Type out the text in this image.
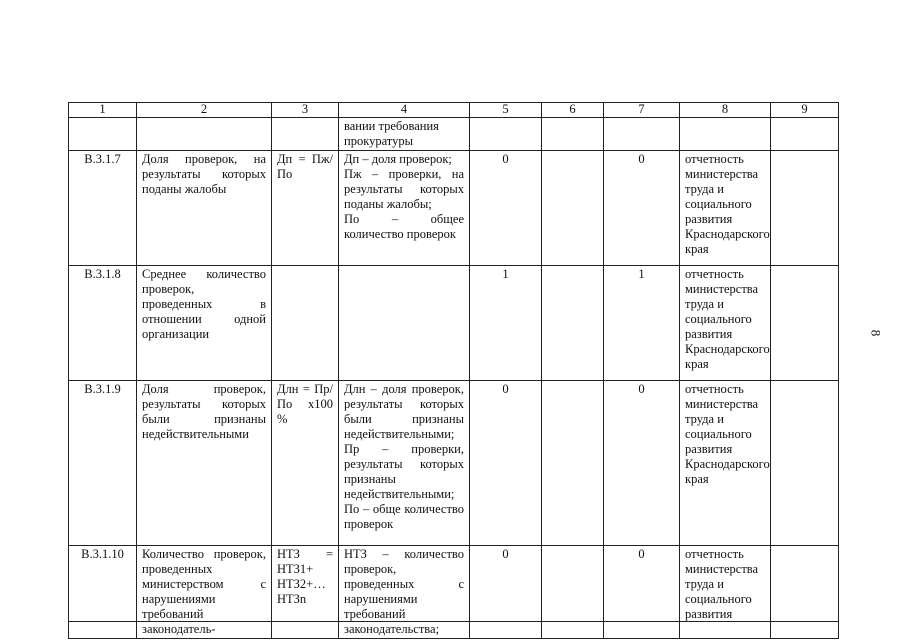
1	2	3	4	5	6	7	8	9
			вании требования
прокуратуры					
В.3.1.7	Доля проверок, на результаты которых поданы жалобы	Дп = Пж/По	Дп – доля проверок;
Пж – проверки, на результаты которых поданы жалобы;
По – общее количество проверок	0		0	отчетность министерства труда и социального развития Краснодарского края	
В.3.1.8	Среднее количество проверок, проведенных в отношении одной организации			1		1	отчетность министерства труда и социального развития Краснодарского края	
В.3.1.9	Доля проверок, результаты которых были признаны недействительными	Длн = Пр/По х100 %	Длн – доля проверок, результаты которых были признаны недействительными;
Пр – проверки, результаты которых признаны недействительными;
По – обще количество проверок	0		0	отчетность министерства труда и социального развития Краснодарского края	
В.3.1.10	Количество проверок, проведенных министерством с нарушениями требований законодатель-	НТЗ = НТЗ1+ НТЗ2+… НТЗn	НТЗ – количество проверок, проведенных с нарушениями требований законодательства;	0		0	отчетность министерства труда и социального развития	
8
